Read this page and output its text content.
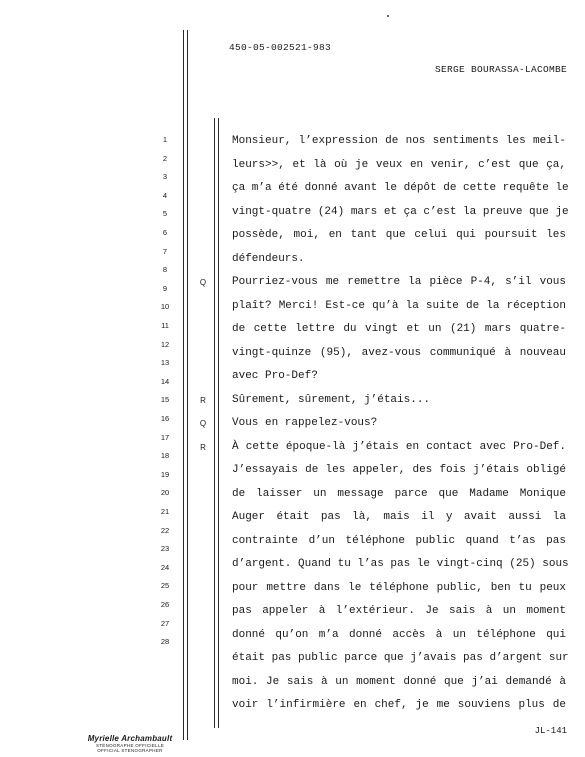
450-05-002521-983
SERGE BOURASSA-LACOMBE
1
2
3
4
5
6
7
8
9
10
11
12
13
14
15
16
17
18
19
20
21
22
23
24
25
26
27
28
Q
R
Q
R
Monsieur, l’expression de nos sentiments les meil-
leurs>>, et là où je veux en venir, c’est que ça,
ça m’a été donné avant le dépôt de cette requête le
vingt-quatre (24) mars et ça c’est la preuve que je
possède, moi, en tant que celui qui poursuit les
défendeurs.
Pourriez-vous me remettre la pièce P-4, s’il vous
plaît? Merci! Est-ce qu’à la suite de la réception
de cette lettre du vingt et un (21) mars quatre-
vingt-quinze (95), avez-vous communiqué à nouveau
avec Pro-Def?
Sûrement, sûrement, j’étais...
Vous en rappelez-vous?
À cette époque-là j’étais en contact avec Pro-Def.
J’essayais de les appeler, des fois j’étais obligé
de laisser un message parce que Madame Monique
Auger était pas là, mais il y avait aussi la
contrainte d’un téléphone public quand t’as pas
d’argent. Quand tu l’as pas le vingt-cinq (25) sous
pour mettre dans le téléphone public, ben tu peux
pas appeler à l’extérieur. Je sais à un moment
donné qu’on m’a donné accès à un téléphone qui
était pas public parce que j’avais pas d’argent sur
moi. Je sais à un moment donné que j’ai demandé à
voir l’infirmière en chef, je me souviens plus de
JL-141
Myrielle Archambault
STÉNOGRAPHE OFFICIELLE
OFFICIAL STENOGRAPHER
